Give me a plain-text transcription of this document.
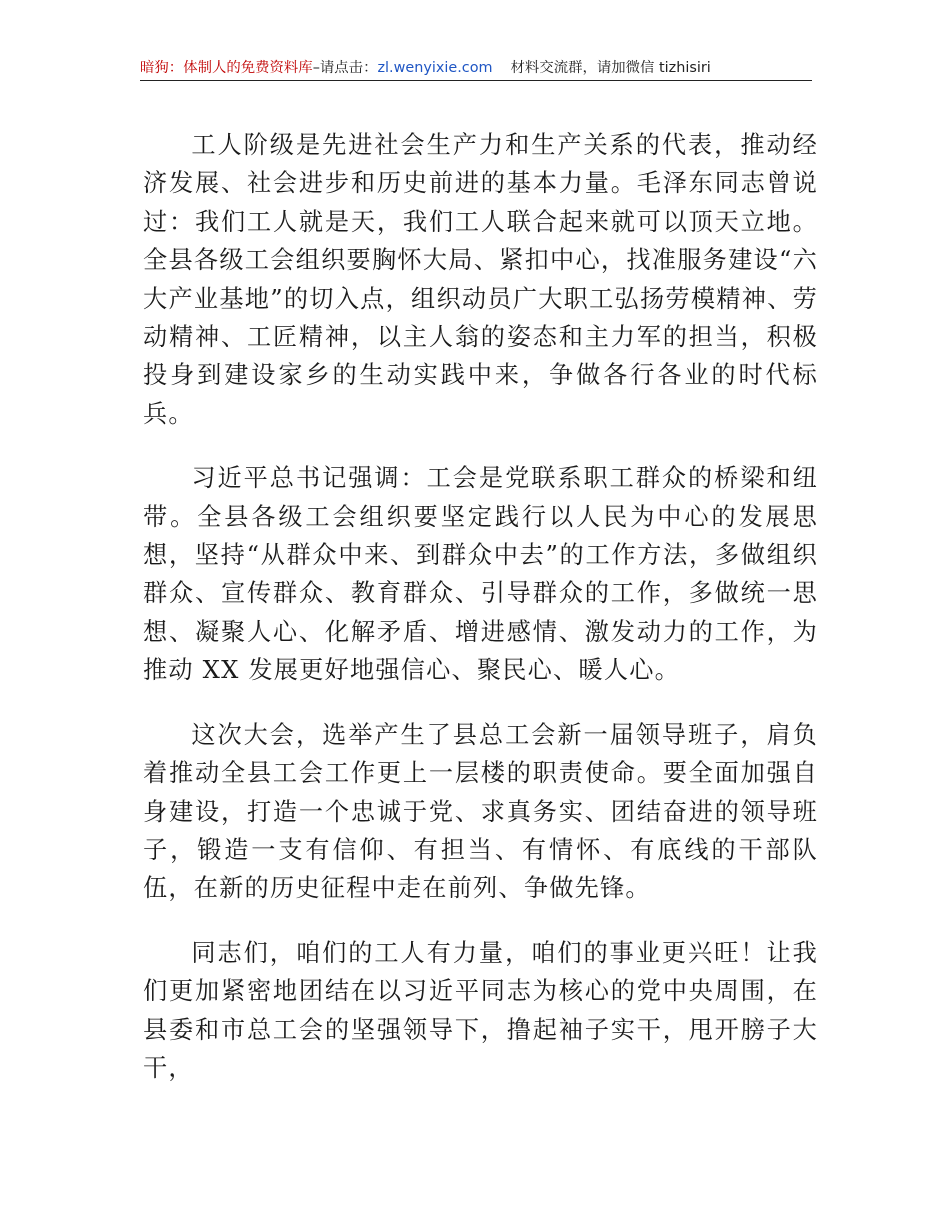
暗狗：体制人的免费资料库–请点击：zl.wenyixie.com 材料交流群，请加微信 tizhisiri

工人阶级是先进社会生产力和生产关系的代表，推动经济发展、社会进步和历史前进的基本力量。毛泽东同志曾说过：我们工人就是天，我们工人联合起来就可以顶天立地。全县各级工会组织要胸怀大局、紧扣中心，找准服务建设“六大产业基地”的切入点，组织动员广大职工弘扬劳模精神、劳动精神、工匠精神，以主人翁的姿态和主力军的担当，积极投身到建设家乡的生动实践中来，争做各行各业的时代标兵。

习近平总书记强调：工会是党联系职工群众的桥梁和纽带。全县各级工会组织要坚定践行以人民为中心的发展思想，坚持“从群众中来、到群众中去”的工作方法，多做组织群众、宣传群众、教育群众、引导群众的工作，多做统一思想、凝聚人心、化解矛盾、增进感情、激发动力的工作，为推动 XX 发展更好地强信心、聚民心、暖人心。

这次大会，选举产生了县总工会新一届领导班子，肩负着推动全县工会工作更上一层楼的职责使命。要全面加强自身建设，打造一个忠诚于党、求真务实、团结奋进的领导班子，锻造一支有信仰、有担当、有情怀、有底线的干部队伍，在新的历史征程中走在前列、争做先锋。

同志们，咱们的工人有力量，咱们的事业更兴旺！让我们更加紧密地团结在以习近平同志为核心的党中央周围，在县委和市总工会的坚强领导下，撸起袖子实干，甩开膀子大干，
